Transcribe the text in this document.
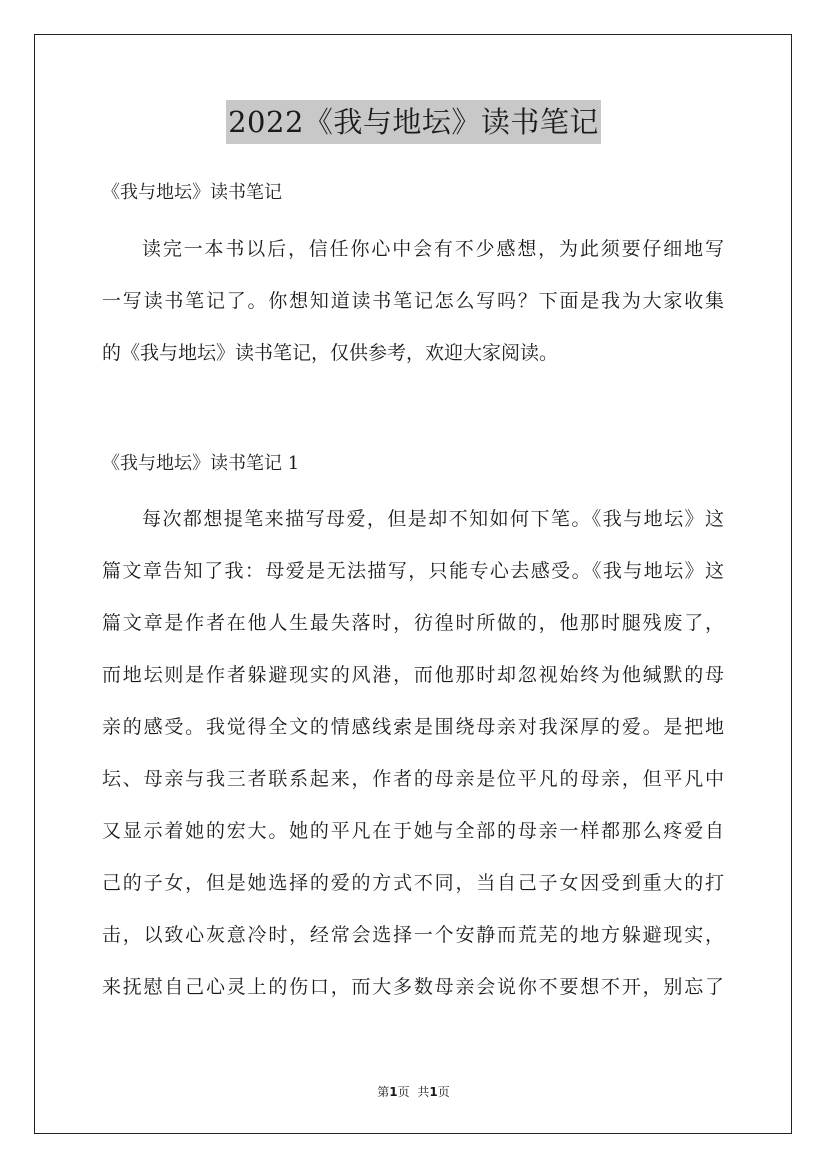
2022《我与地坛》读书笔记
《我与地坛》读书笔记
读完一本书以后，信任你心中会有不少感想，为此须要仔细地写
一写读书笔记了。你想知道读书笔记怎么写吗？下面是我为大家收集
的《我与地坛》读书笔记，仅供参考，欢迎大家阅读。
《我与地坛》读书笔记 1
每次都想提笔来描写母爱，但是却不知如何下笔。《我与地坛》这
篇文章告知了我：母爱是无法描写，只能专心去感受。《我与地坛》这
篇文章是作者在他人生最失落时，彷徨时所做的，他那时腿残废了，
而地坛则是作者躲避现实的风港，而他那时却忽视始终为他缄默的母
亲的感受。我觉得全文的情感线索是围绕母亲对我深厚的爱。是把地
坛、母亲与我三者联系起来，作者的母亲是位平凡的母亲，但平凡中
又显示着她的宏大。她的平凡在于她与全部的母亲一样都那么疼爱自
己的子女，但是她选择的爱的方式不同，当自己子女因受到重大的打
击，以致心灰意冷时，经常会选择一个安静而荒芜的地方躲避现实，
来抚慰自己心灵上的伤口，而大多数母亲会说你不要想不开，别忘了
第1页 共1页
